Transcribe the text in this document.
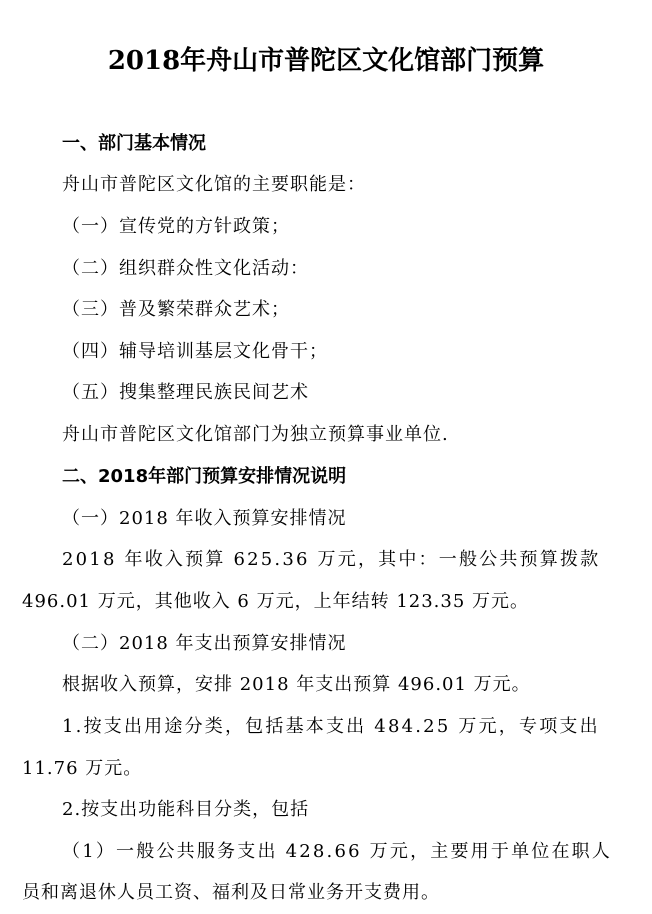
2018年舟山市普陀区文化馆部门预算
一、部门基本情况
舟山市普陀区文化馆的主要职能是：
（一）宣传党的方针政策；
（二）组织群众性文化活动：
（三）普及繁荣群众艺术；
（四）辅导培训基层文化骨干；
（五）搜集整理民族民间艺术
舟山市普陀区文化馆部门为独立预算事业单位.
二、2018年部门预算安排情况说明
（一）2018 年收入预算安排情况
2018 年收入预算 625.36 万元，其中：一般公共预算拨款
496.01 万元，其他收入 6 万元，上年结转 123.35 万元。
（二）2018 年支出预算安排情况
根据收入预算，安排 2018 年支出预算 496.01 万元。
1.按支出用途分类，包括基本支出 484.25 万元，专项支出
11.76 万元。
2.按支出功能科目分类，包括
（1）一般公共服务支出 428.66 万元，主要用于单位在职人
员和离退休人员工资、福利及日常业务开支费用。
